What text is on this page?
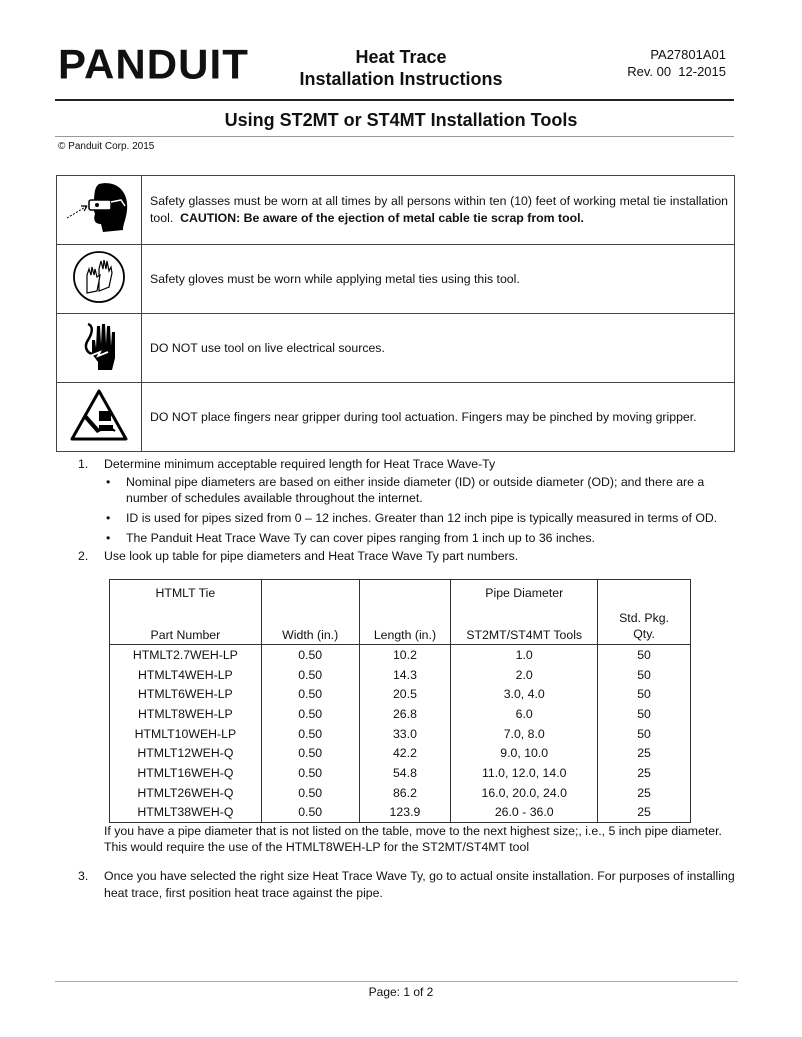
PANDUIT	Heat Trace
Installation Instructions
PA27801A01
Rev. 00  12-2015
Using ST2MT or ST4MT Installation Tools
© Panduit Corp. 2015
	Safety glasses must be worn at all times by all persons within ten (10) feet of working metal tie installation tool. CAUTION: Be aware of the ejection of metal cable tie scrap from tool.
	Safety gloves must be worn while applying metal ties using this tool.
	DO NOT use tool on live electrical sources.
	DO NOT place fingers near gripper during tool actuation. Fingers may be pinched by moving gripper.
1. Determine minimum acceptable required length for Heat Trace Wave-Ty
• Nominal pipe diameters are based on either inside diameter (ID) or outside diameter (OD); and there are a number of schedules available throughout the internet.
• ID is used for pipes sized from 0 – 12 inches. Greater than 12 inch pipe is typically measured in terms of OD.
• The Panduit Heat Trace Wave Ty can cover pipes ranging from 1 inch up to 36 inches.
2. Use look up table for pipe diameters and Heat Trace Wave Ty part numbers.
HTMLT Tie			Pipe Diameter	
Part Number	Width (in.)	Length (in.)	ST2MT/ST4MT Tools	Std. Pkg. Qty.
HTMLT2.7WEH-LP	0.50	10.2	1.0	50
HTMLT4WEH-LP	0.50	14.3	2.0	50
HTMLT6WEH-LP	0.50	20.5	3.0, 4.0	50
HTMLT8WEH-LP	0.50	26.8	6.0	50
HTMLT10WEH-LP	0.50	33.0	7.0, 8.0	50
HTMLT12WEH-Q	0.50	42.2	9.0, 10.0	25
HTMLT16WEH-Q	0.50	54.8	11.0, 12.0, 14.0	25
HTMLT26WEH-Q	0.50	86.2	16.0, 20.0, 24.0	25
HTMLT38WEH-Q	0.50	123.9	26.0 - 36.0	25
If you have a pipe diameter that is not listed on the table, move to the next highest size;, i.e., 5 inch pipe diameter. This would require the use of the HTMLT8WEH-LP for the ST2MT/ST4MT tool
3. Once you have selected the right size Heat Trace Wave Ty, go to actual onsite installation. For purposes of installing heat trace, first position heat trace against the pipe.
Page: 1 of 2
